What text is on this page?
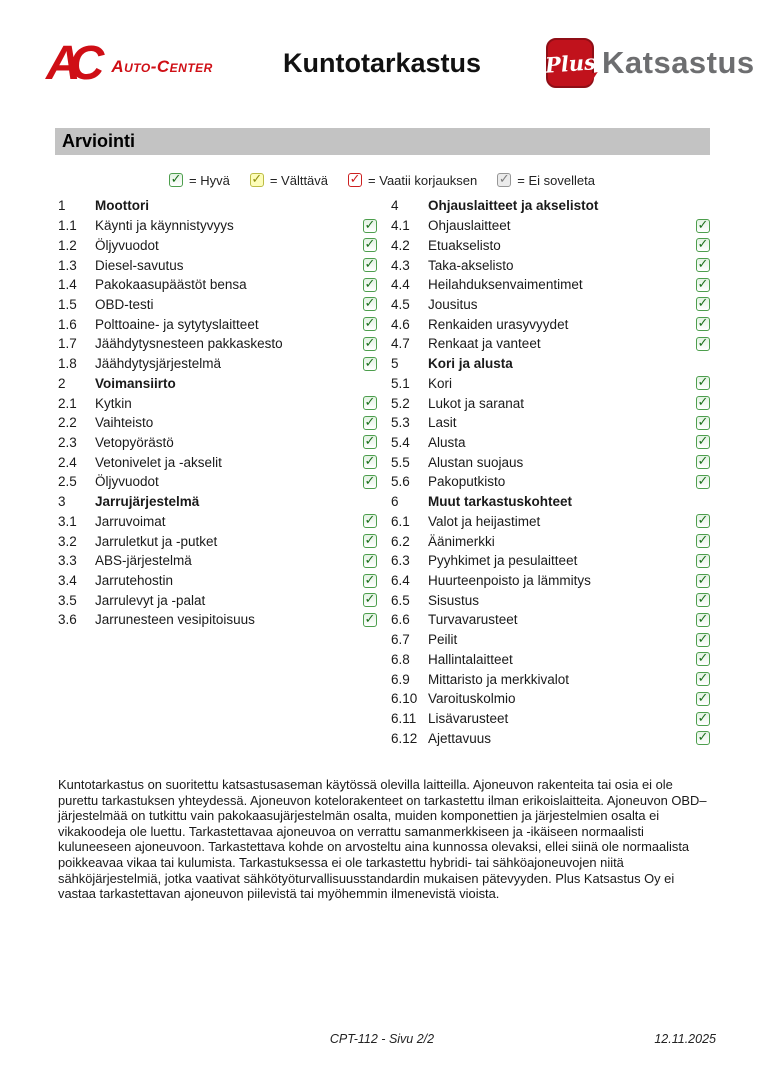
AC	Auto-Center	Kuntotarkastus	Plus Katsastus
Arviointi
✓ = Hyvä ✓ = Välttävä ✓ = Vaatii korjauksen ✓ = Ei sovelleta
1	Moottori
1.1	Käynti ja käynnistyvyys	✓
1.2	Öljyvuodot	✓
1.3	Diesel-savutus	✓
1.4	Pakokaasupäästöt bensa	✓
1.5	OBD-testi	✓
1.6	Polttoaine- ja sytytyslaitteet	✓
1.7	Jäähdytysnesteen pakkaskesto	✓
1.8	Jäähdytysjärjestelmä	✓
2	Voimansiirto
2.1	Kytkin	✓
2.2	Vaihteisto	✓
2.3	Vetopyörästö	✓
2.4	Vetonivelet ja -akselit	✓
2.5	Öljyvuodot	✓
3	Jarrujärjestelmä
3.1	Jarruvoimat	✓
3.2	Jarruletkut ja -putket	✓
3.3	ABS-järjestelmä	✓
3.4	Jarrutehostin	✓
3.5	Jarrulevyt ja -palat	✓
3.6	Jarrunesteen vesipitoisuus	✓
4	Ohjauslaitteet ja akselistot
4.1	Ohjauslaitteet	✓
4.2	Etuakselisto	✓
4.3	Taka-akselisto	✓
4.4	Heilahduksenvaimentimet	✓
4.5	Jousitus	✓
4.6	Renkaiden urasyvyydet	✓
4.7	Renkaat ja vanteet	✓
5	Kori ja alusta
5.1	Kori	✓
5.2	Lukot ja saranat	✓
5.3	Lasit	✓
5.4	Alusta	✓
5.5	Alustan suojaus	✓
5.6	Pakoputkisto	✓
6	Muut tarkastuskohteet
6.1	Valot ja heijastimet	✓
6.2	Äänimerkki	✓
6.3	Pyyhkimet ja pesulaitteet	✓
6.4	Huurteenpoisto ja lämmitys	✓
6.5	Sisustus	✓
6.6	Turvavarusteet	✓
6.7	Peilit	✓
6.8	Hallintalaitteet	✓
6.9	Mittaristo ja merkkivalot	✓
6.10 Varoituskolmio	✓
6.11 Lisävarusteet	✓
6.12 Ajettavuus	✓
Kuntotarkastus on suoritettu katsastusaseman käytössä olevilla laitteilla. Ajoneuvon rakenteita tai osia ei ole purettu tarkastuksen yhteydessä. Ajoneuvon kotelorakenteet on tarkastettu ilman erikoislaitteita. Ajoneuvon OBD–järjestelmää on tutkittu vain pakokaasujärjestelmän osalta, muiden komponettien ja järjestelmien osalta ei vikakoodeja ole luettu. Tarkastettavaa ajoneuvoa on verrattu samanmerkkiseen ja -ikäiseen normaalisti kuluneeseen ajoneuvoon. Tarkastettava kohde on arvosteltu aina kunnossa olevaksi, ellei siinä ole normaalista poikkeavaa vikaa tai kulumista. Tarkastuksessa ei ole tarkastettu hybridi- tai sähköajoneuvojen niitä sähköjärjestelmiä, jotka vaativat sähkötyöturvallisuusstandardin mukaisen pätevyyden. Plus Katsastus Oy ei vastaa tarkastettavan ajoneuvon piilevistä tai myöhemmin ilmenevistä vioista.
CPT-112 - Sivu 2/2	12.11.2025
